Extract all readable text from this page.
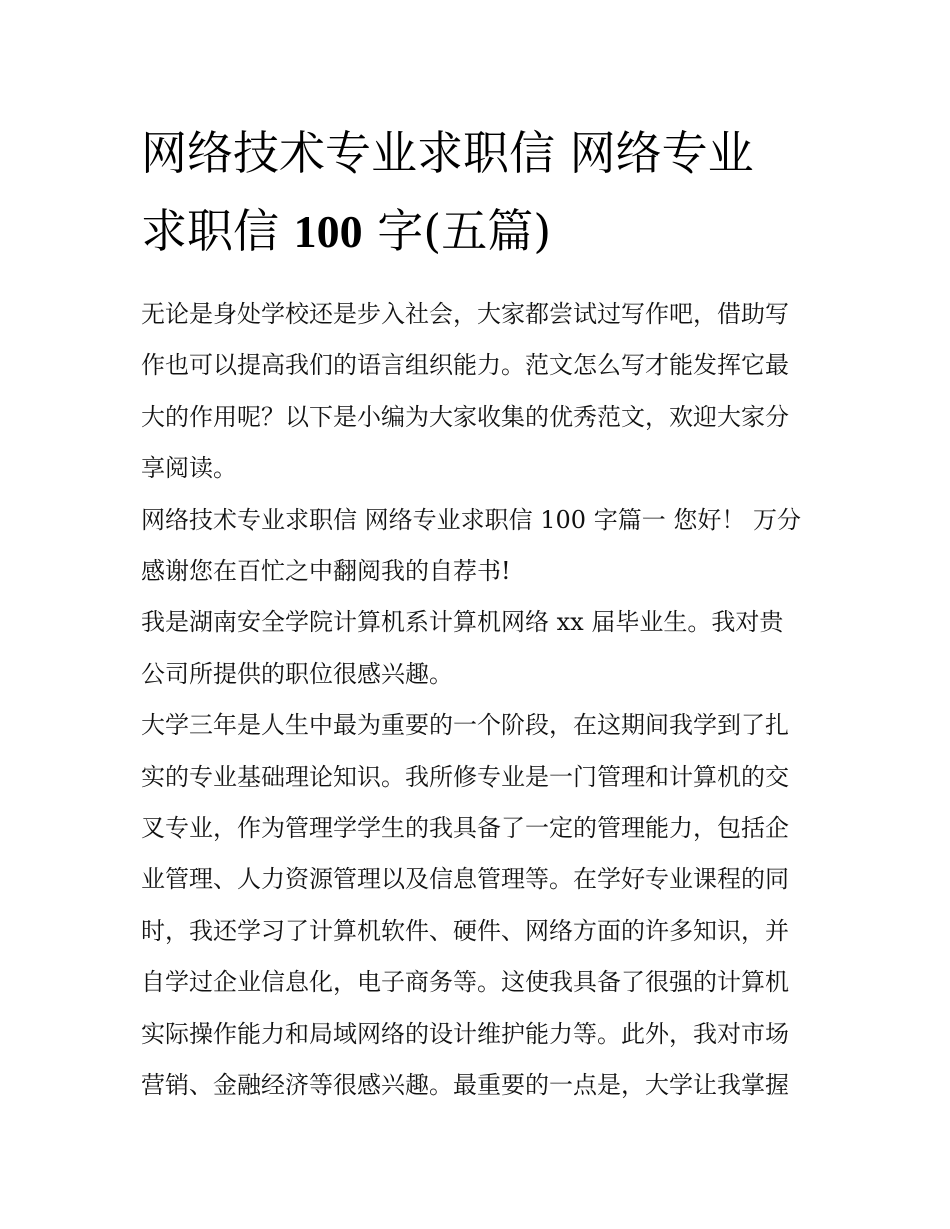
网络技术专业求职信 网络专业
求职信 100 字(五篇)

无论是身处学校还是步入社会，大家都尝试过写作吧，借助写
作也可以提高我们的语言组织能力。范文怎么写才能发挥它最
大的作用呢？以下是小编为大家收集的优秀范文，欢迎大家分
享阅读。

网络技术专业求职信 网络专业求职信 100 字篇一 您好！ 万分
感谢您在百忙之中翻阅我的自荐书!

我是湖南安全学院计算机系计算机网络 xx 届毕业生。我对贵
公司所提供的职位很感兴趣。

大学三年是人生中最为重要的一个阶段，在这期间我学到了扎
实的专业基础理论知识。我所修专业是一门管理和计算机的交
叉专业，作为管理学学生的我具备了一定的管理能力，包括企
业管理、人力资源管理以及信息管理等。在学好专业课程的同
时，我还学习了计算机软件、硬件、网络方面的许多知识，并
自学过企业信息化，电子商务等。这使我具备了很强的计算机
实际操作能力和局域网络的设计维护能力等。此外，我对市场
营销、金融经济等很感兴趣。最重要的一点是，大学让我掌握
